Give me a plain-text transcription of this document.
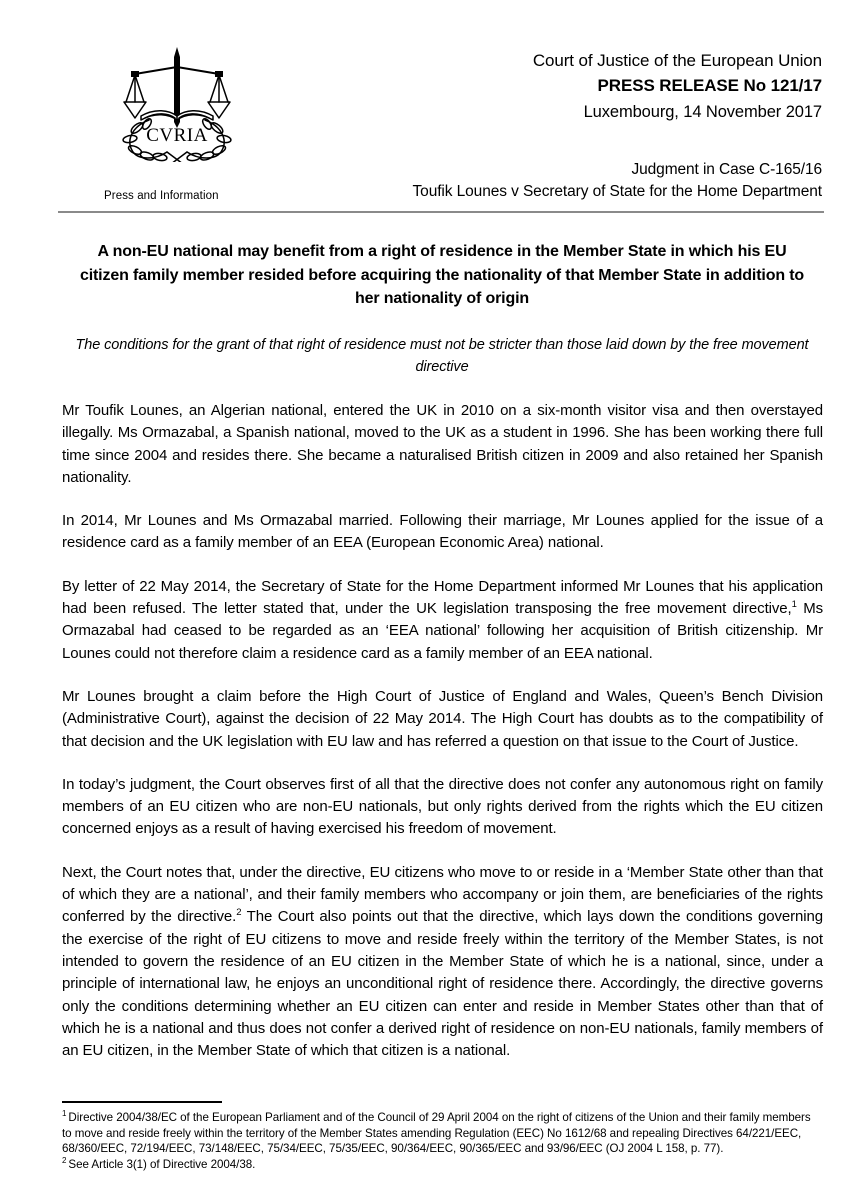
CVRIA
Press and Information
Court of Justice of the European Union
PRESS RELEASE No 121/17
Luxembourg, 14 November 2017
Judgment in Case C-165/16
Toufik Lounes v Secretary of State for the Home Department
A non-EU national may benefit from a right of residence in the Member State in which his EU citizen family member resided before acquiring the nationality of that Member State in addition to her nationality of origin

The conditions for the grant of that right of residence must not be stricter than those laid down by the free movement directive

Mr Toufik Lounes, an Algerian national, entered the UK in 2010 on a six-month visitor visa and then overstayed illegally. Ms Ormazabal, a Spanish national, moved to the UK as a student in 1996. She has been working there full time since 2004 and resides there. She became a naturalised British citizen in 2009 and also retained her Spanish nationality.

In 2014, Mr Lounes and Ms Ormazabal married. Following their marriage, Mr Lounes applied for the issue of a residence card as a family member of an EEA (European Economic Area) national.

By letter of 22 May 2014, the Secretary of State for the Home Department informed Mr Lounes that his application had been refused. The letter stated that, under the UK legislation transposing the free movement directive,$^1$ Ms Ormazabal had ceased to be regarded as an ‘EEA national’ following her acquisition of British citizenship. Mr Lounes could not therefore claim a residence card as a family member of an EEA national.

Mr Lounes brought a claim before the High Court of Justice of England and Wales, Queen’s Bench Division (Administrative Court), against the decision of 22 May 2014. The High Court has doubts as to the compatibility of that decision and the UK legislation with EU law and has referred a question on that issue to the Court of Justice.

In today’s judgment, the Court observes first of all that the directive does not confer any autonomous right on family members of an EU citizen who are non-EU nationals, but only rights derived from the rights which the EU citizen concerned enjoys as a result of having exercised his freedom of movement.

Next, the Court notes that, under the directive, EU citizens who move to or reside in a ‘Member State other than that of which they are a national’, and their family members who accompany or join them, are beneficiaries of the rights conferred by the directive.$^2$ The Court also points out that the directive, which lays down the conditions governing the exercise of the right of EU citizens to move and reside freely within the territory of the Member States, is not intended to govern the residence of an EU citizen in the Member State of which he is a national, since, under a principle of international law, he enjoys an unconditional right of residence there. Accordingly, the directive governs only the conditions determining whether an EU citizen can enter and reside in Member States other than that of which he is a national and thus does not confer a derived right of residence on non-EU nationals, family members of an EU citizen, in the Member State of which that citizen is a national.

$^1$ Directive 2004/38/EC of the European Parliament and of the Council of 29 April 2004 on the right of citizens of the Union and their family members to move and reside freely within the territory of the Member States amending Regulation (EEC) No 1612/68 and repealing Directives 64/221/EEC, 68/360/EEC, 72/194/EEC, 73/148/EEC, 75/34/EEC, 75/35/EEC, 90/364/EEC, 90/365/EEC and 93/96/EEC (OJ 2004 L 158, p. 77).

$^2$ See Article 3(1) of Directive 2004/38.
